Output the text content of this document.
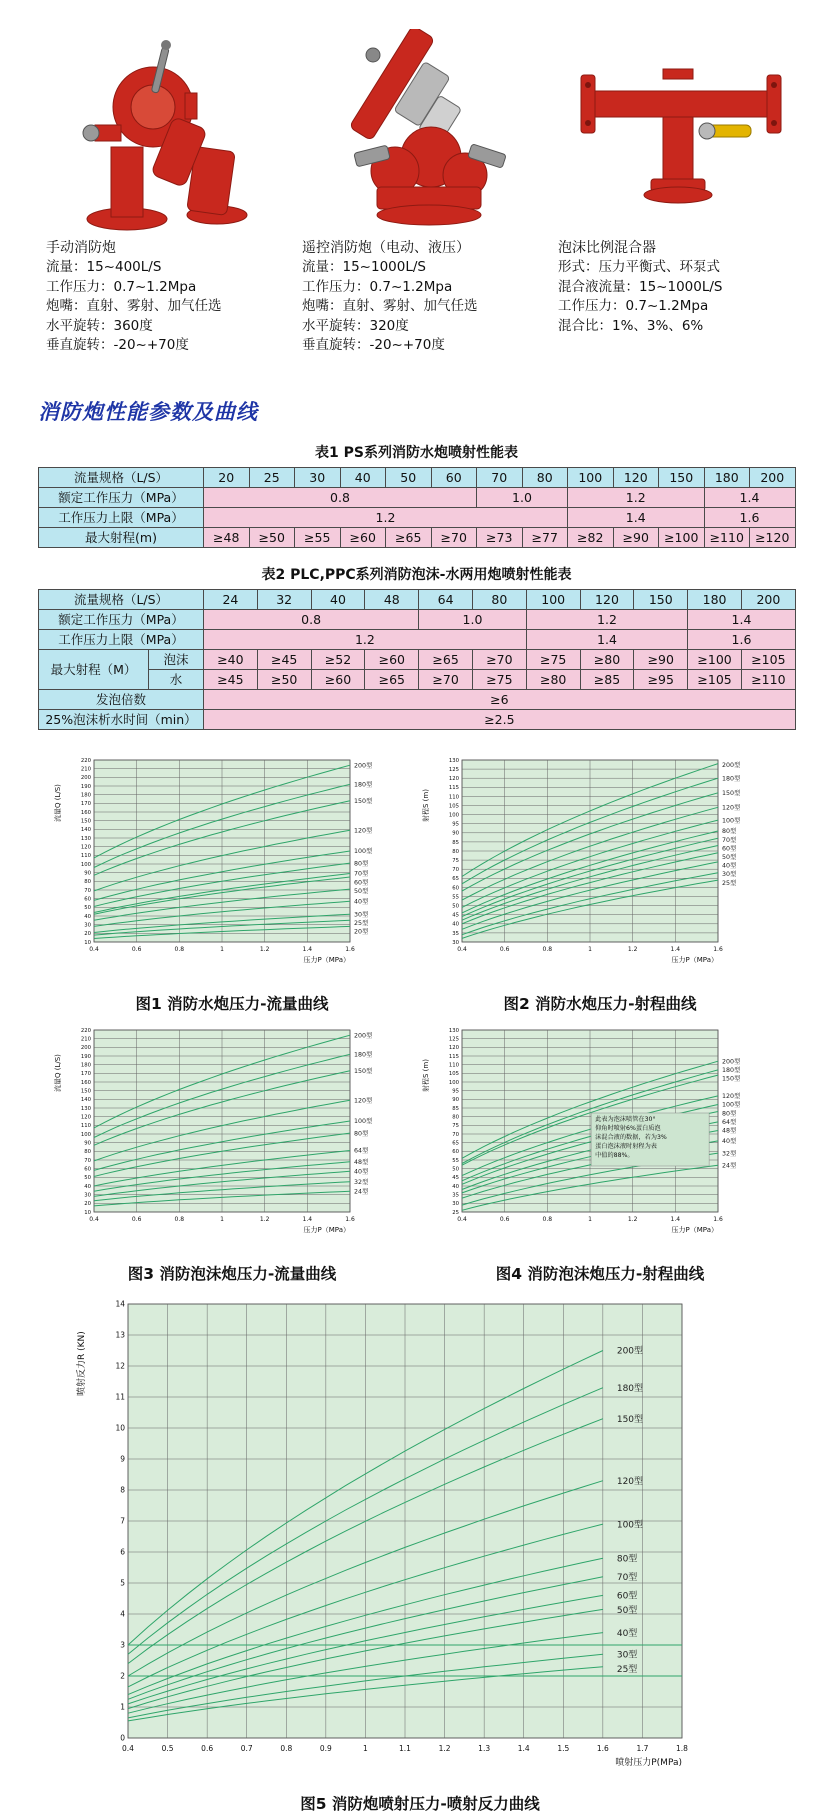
手动消防炮
流量：15~400L/S
工作压力：0.7~1.2Mpa
炮嘴：直射、雾射、加气任选
水平旋转：360度
垂直旋转：-20~+70度
遥控消防炮（电动、液压）
流量：15~1000L/S
工作压力：0.7~1.2Mpa
炮嘴：直射、雾射、加气任选
水平旋转：320度
垂直旋转：-20~+70度
泡沫比例混合器
形式：压力平衡式、环泵式
混合液流量：15~1000L/S
工作压力：0.7~1.2Mpa
混合比：1%、3%、6%
消防炮性能参数及曲线
表1 PS系列消防水炮喷射性能表
流量规格（L/S）	20	25	30	40	50	60	70	80	100	120	150	180	200
额定工作压力（MPa）	0.8						1.0		1.2			1.4	
工作压力上限（MPa）	1.2								1.4			1.6	
最大射程(m)	≥48	≥50	≥55	≥60	≥65	≥70	≥73	≥77	≥82	≥90	≥100	≥110	≥120
表2 PLC,PPC系列消防泡沫-水两用炮喷射性能表
流量规格（L/S）		24	32	40	48	64	80	100	120	150	180	200
额定工作压力（MPa）		0.8				1.0		1.2			1.4	
工作压力上限（MPa）		1.2						1.4			1.6	
最大射程（M）	泡沫	≥40	≥45	≥52	≥60	≥65	≥70	≥75	≥80	≥90	≥100	≥105
	水	≥45	≥50	≥60	≥65	≥70	≥75	≥80	≥85	≥95	≥105	≥110
发泡倍数		≥6										
25%泡沫析水时间（min）		≥2.5										
0.4	0.6	0.8	1	1.2	1.4	1.6
10
20
30
40
50
60
70
80
90
100
110
120
130
140
150
160
170
180
190
200
210
220
200型
180型
150型
120型
100型
80型
70型
60型
50型
40型
30型
25型
20型
流量Q (L/S)
压力P（MPa）
图1 消防水炮压力-流量曲线
0.4	0.6	0.8	1	1.2	1.4	1.6
30
35
40
45
50
55
60
65
70
75
80
85
90
95
100
105
110
115
120
125
130
200型
180型
150型
120型
100型
80型
70型
60型
50型
40型
30型
25型
射程S (m)
压力P（MPa）
图2 消防水炮压力-射程曲线
0.4	0.6	0.8	1	1.2	1.4	1.6
10
20
30
40
50
60
70
80
90
100
110
120
130
140
150
160
170
180
190
200
210
220
200型
180型
150型
120型
100型
80型
64型
48型
40型
32型
24型
流量Q (L/S)
压力P（MPa）
图3 消防泡沫炮压力-流量曲线
0.4	0.6	0.8	1	1.2	1.4	1.6
25
30
35
40
45
50
55
60
65
70
75
80
85
90
95
100
105
110
115
120
125
130
200型
180型
150型
120型
100型
80型
64型
48型
40型
32型
24型
此表为泡沫喷管在30°
仰角时喷射6%蛋白质泡
沫混合液的数据，若为3%
蛋白泡沫液时射程为表
中值的88%。
射程S (m)
压力P（MPa）
图4 消防泡沫炮压力-射程曲线
0.4	0.5	0.6	0.7	0.8	0.9	1	1.1	1.2	1.3	1.4	1.5	1.6	1.7	1.8
0
1
2
3
4
5
6
7
8
9
10
11
12
13
14
200型
180型
150型
120型
100型
80型
70型
60型
50型
40型
30型
25型
喷射反力R (KN)
喷射压力P(MPa)
图5 消防炮喷射压力-喷射反力曲线
